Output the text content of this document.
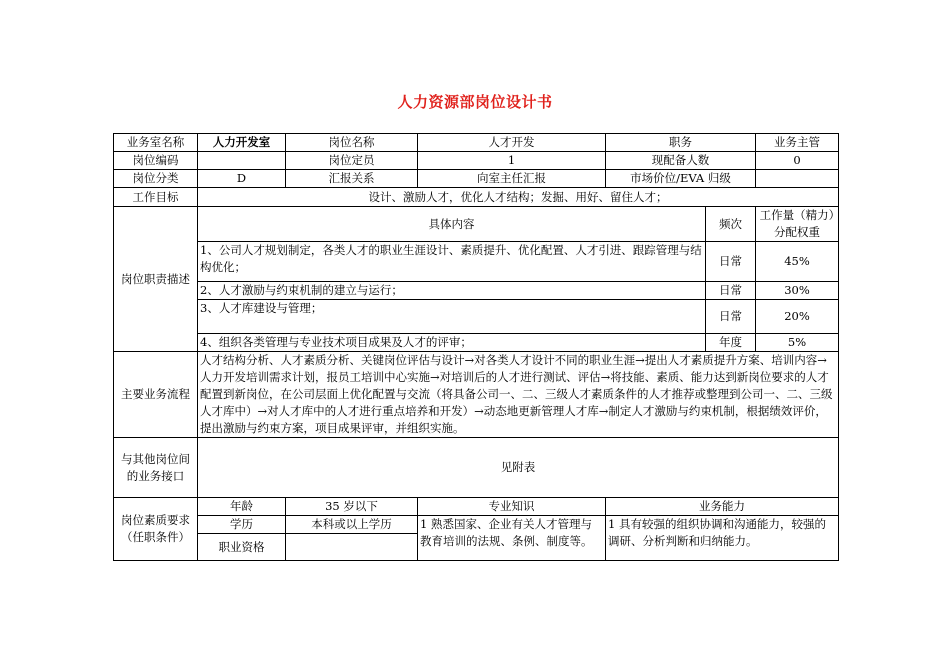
人力资源部岗位设计书
业务室名称	人力开发室	岗位名称	人才开发	职务		业务主管
岗位编码		岗位定员	1	现配备人数		0
岗位分类	D	汇报关系	向室主任汇报	市场价位/EVA 归级		
工作目标	设计、激励人才，优化人才结构；发掘、用好、留住人才；					
岗位职责描述	具体内容				频次	工作量（精力）分配权重
	1、公司人才规划制定，各类人才的职业生涯设计、素质提升、优化配置、人才引进、跟踪管理与结构优化；				日常	45%
	2、人才激励与约束机制的建立与运行；				日常	30%
	3、人才库建设与管理；				日常	20%
	4、组织各类管理与专业技术项目成果及人才的评审；				年度	5%
主要业务流程	人才结构分析、人才素质分析、关键岗位评估与设计→对各类人才设计不同的职业生涯→提出人才素质提升方案、培训内容→人力开发培训需求计划，报员工培训中心实施→对培训后的人才进行测试、评估→将技能、素质、能力达到新岗位要求的人才配置到新岗位，在公司层面上优化配置与交流（将具备公司一、二、三级人才素质条件的人才推荐或整理到公司一、二、三级人才库中）→对人才库中的人才进行重点培养和开发）→动态地更新管理人才库→制定人才激励与约束机制，根据绩效评价，提出激励与约束方案，项目成果评审，并组织实施。					
与其他岗位间的业务接口	见附表					
岗位素质要求（任职条件）	年龄	35 岁以下	专业知识	业务能力		
	学历	本科或以上学历	1 熟悉国家、企业有关人才管理与教育培训的法规、条例、制度等。	1 具有较强的组织协调和沟通能力，较强的调研、分析判断和归纳能力。		
	职业资格					
